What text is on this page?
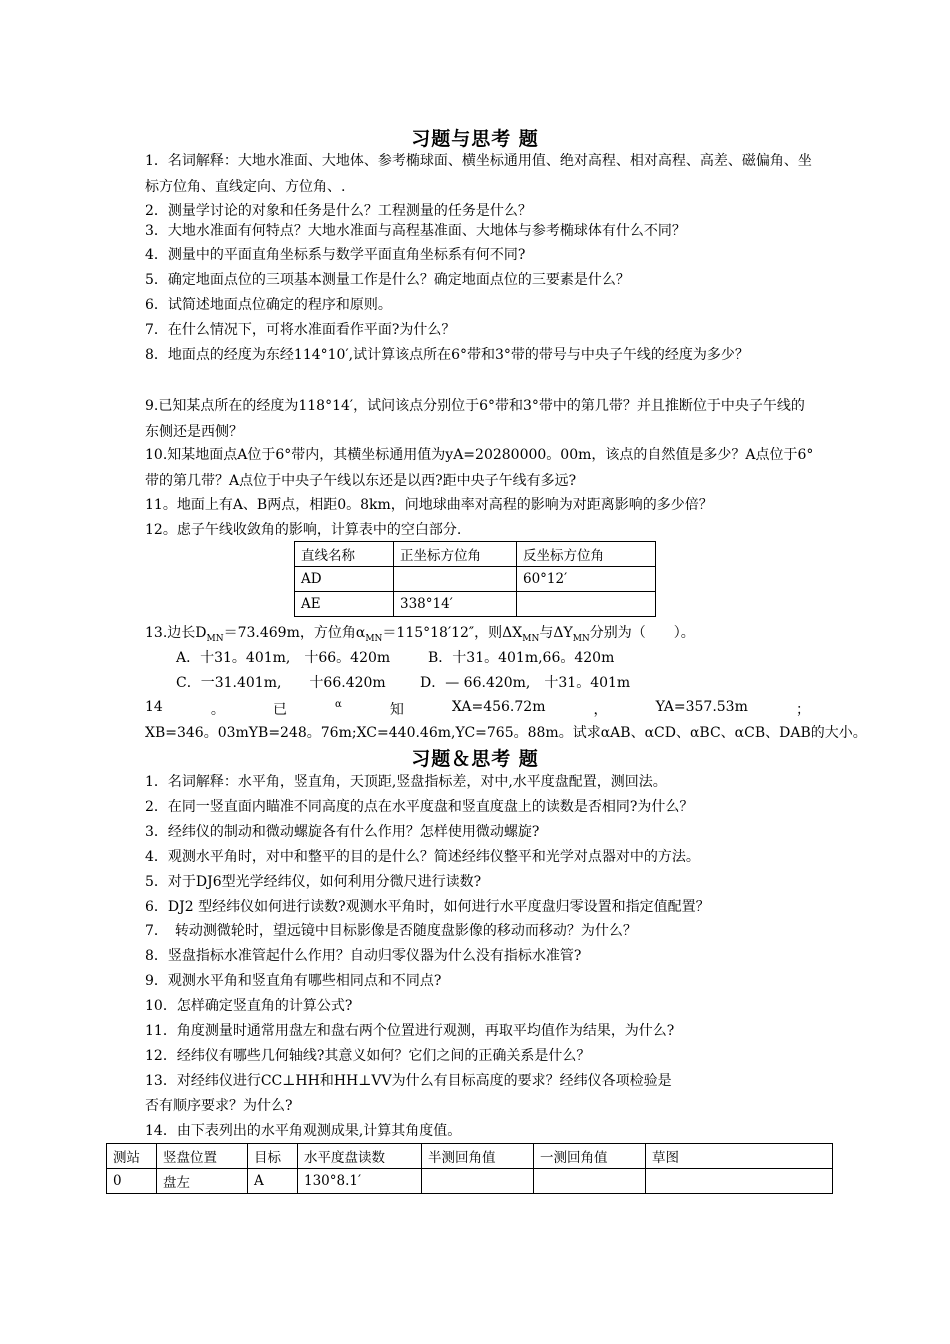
习题与思考 题
1．名词解释：大地水准面、大地体、参考椭球面、横坐标通用值、绝对高程、相对高程、高差、磁偏角、坐标方位角、直线定向、方位角、.
2．测量学讨论的对象和任务是什么？工程测量的任务是什么？
3．大地水准面有何特点？大地水准面与高程基准面、大地体与参考椭球体有什么不同？
4．测量中的平面直角坐标系与数学平面直角坐标系有何不同?
5．确定地面点位的三项基本测量工作是什么？确定地面点位的三要素是什么？
6．试简述地面点位确定的程序和原则。
7．在什么情况下，可将水准面看作平面?为什么？
8．地面点的经度为东经114°10′,试计算该点所在6°带和3°带的带号与中央子午线的经度为多少？
9.已知某点所在的经度为118°14′，试问该点分别位于6°带和3°带中的第几带？并且推断位于中央子午线的东侧还是西侧？
10.知某地面点A位于6°带内，其横坐标通用值为yA=20280000。00m，该点的自然值是多少？A点位于6°带的第几带？A点位于中央子午线以东还是以西?距中央子午线有多远?
11。地面上有A、B两点，相距0。8km，问地球曲率对高程的影响为对距离影响的多少倍？
12。虑子午线收敛角的影响，计算表中的空白部分.
直线名称	正坐标方位角	反坐标方位角
AD		60°12′
AE	338°14′	
13.边长$D_{MN}=73.469m$，方位角$\alpha_{MN}=115^\circ 18'12''$，则$\Delta X_{MN}$与$\Delta Y_{MN}$分别为（　　）。
A．十31。401m,　十66。420m	B．十31。401m,66。420m
C．一31.401m,　　十66.420m D．— 66.420m,　十31。401m
14	。	已	α	知	XA=456.72m	，	YA=357.53m	；
XB=346。03mYB=248。76m;XC=440.46m,YC=765。88m。试求αAB、αCD、αBC、αCB、DAB的大小。
习题＆思考 题
1．名词解释：水平角，竖直角，天顶距,竖盘指标差，对中,水平度盘配置，测回法。
2．在同一竖直面内瞄准不同高度的点在水平度盘和竖直度盘上的读数是否相同?为什么？
3．经纬仪的制动和微动螺旋各有什么作用？怎样使用微动螺旋?
4．观测水平角时，对中和整平的目的是什么？简述经纬仪整平和光学对点器对中的方法。
5．对于DJ6型光学经纬仪，如何利用分微尺进行读数?
6．DJ2 型经纬仪如何进行读数?观测水平角时，如何进行水平度盘归零设置和指定值配置？
7．　转动测微轮时，望远镜中目标影像是否随度盘影像的移动而移动？为什么？
8．竖盘指标水准管起什么作用？自动归零仪器为什么没有指标水准管?
9．观测水平角和竖直角有哪些相同点和不同点?
10．怎样确定竖直角的计算公式?
11．角度测量时通常用盘左和盘右两个位置进行观测，再取平均值作为结果，为什么?
12．经纬仪有哪些几何轴线?其意义如何？它们之间的正确关系是什么？
13．对经纬仪进行CC⊥HH和HH⊥VV为什么有目标高度的要求？经纬仪各项检验是
否有顺序要求？为什么?
14．由下表列出的水平角观测成果,计算其角度值。
测站	竖盘位置	目标	水平度盘读数	半测回角值	一测回角值	草图
0	盘左	A	130°8.1′			
